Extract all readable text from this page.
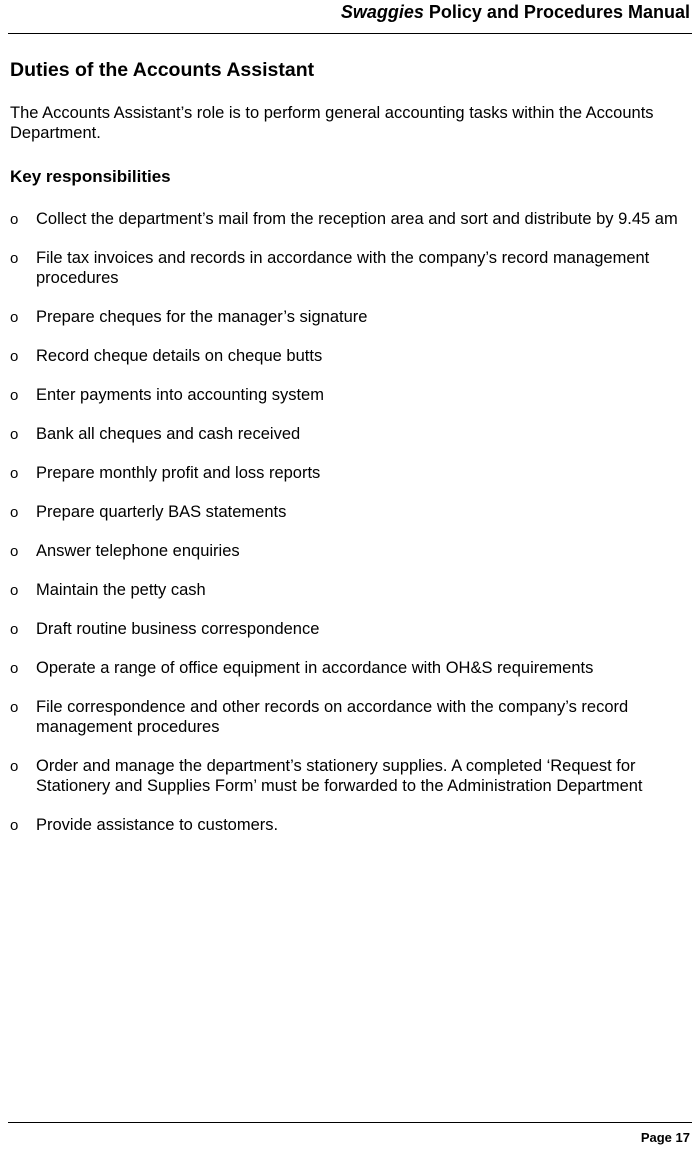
Swaggies Policy and Procedures Manual
Duties of the Accounts Assistant

The Accounts Assistant’s role is to perform general accounting tasks within the Accounts Department.

Key responsibilities
o Collect the department’s mail from the reception area and sort and distribute by 9.45 am
o File tax invoices and records in accordance with the company’s record management procedures
o Prepare cheques for the manager’s signature
o Record cheque details on cheque butts
o Enter payments into accounting system
o Bank all cheques and cash received
o Prepare monthly profit and loss reports
o Prepare quarterly BAS statements
o Answer telephone enquiries
o Maintain the petty cash
o Draft routine business correspondence
o Operate a range of office equipment in accordance with OH&S requirements
o File correspondence and other records on accordance with the company’s record management procedures
o Order and manage the department’s stationery supplies. A completed ‘Request for Stationery and Supplies Form’ must be forwarded to the Administration Department
o Provide assistance to customers.
Page 17
